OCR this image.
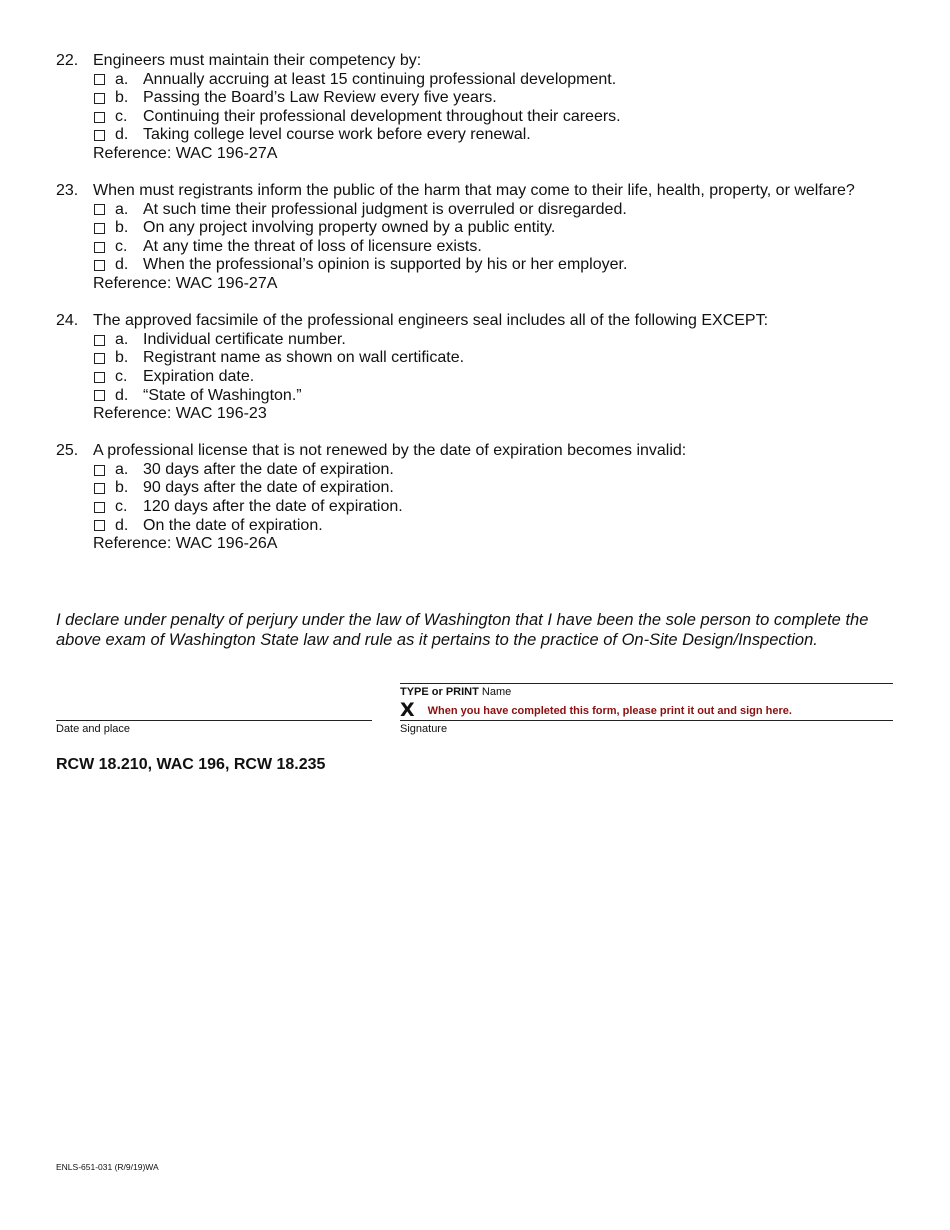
22. Engineers must maintain their competency by:
a. Annually accruing at least 15 continuing professional development.
b. Passing the Board’s Law Review every five years.
c. Continuing their professional development throughout their careers.
d. Taking college level course work before every renewal.
Reference: WAC 196-27A
23. When must registrants inform the public of the harm that may come to their life, health, property, or welfare?
a. At such time their professional judgment is overruled or disregarded.
b. On any project involving property owned by a public entity.
c. At any time the threat of loss of licensure exists.
d. When the professional’s opinion is supported by his or her employer.
Reference: WAC 196-27A
24. The approved facsimile of the professional engineers seal includes all of the following EXCEPT:
a. Individual certificate number.
b. Registrant name as shown on wall certificate.
c. Expiration date.
d. “State of Washington.”
Reference: WAC 196-23
25. A professional license that is not renewed by the date of expiration becomes invalid:
a. 30 days after the date of expiration.
b. 90 days after the date of expiration.
c. 120 days after the date of expiration.
d. On the date of expiration.
Reference: WAC 196-26A
I declare under penalty of perjury under the law of Washington that I have been the sole person to complete the above exam of Washington State law and rule as it pertains to the practice of On-Site Design/Inspection.
TYPE or PRINT Name
X When you have completed this form, please print it out and sign here.
Date and place	Signature
RCW 18.210, WAC 196, RCW 18.235
ENLS-651-031 (R/9/19)WA
